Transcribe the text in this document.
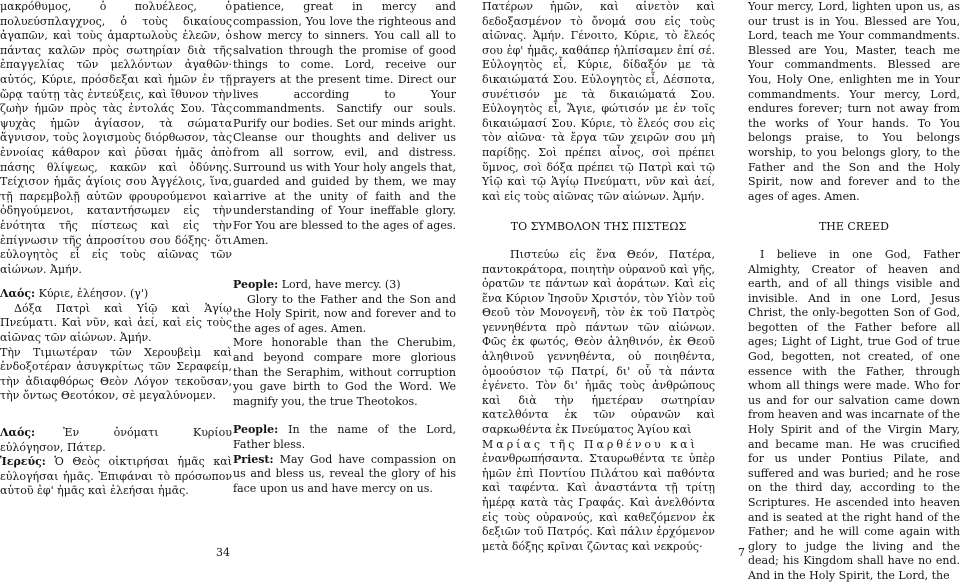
μακρόθυμος, ὁ πολυέλεος, ὁ πολυεύσπλαγχνος, ὁ τοὺς δικαίους ἀγαπῶν, καὶ τοὺς ἁμαρτωλοὺς ἐλεῶν, ὁ πάντας καλῶν πρὸς σωτηρίαν διὰ τῆς ἐπαγγελίας τῶν μελλόντων ἀγαθῶν· αὐτός, Κύριε, πρόσδεξαι καὶ ἡμῶν ἐν τῇ ὥρᾳ ταύτῃ τὰς ἐντεύξεις, καὶ ἴθυνον τὴν ζωὴν ἡμῶν πρὸς τὰς ἐντολάς Σου. Τὰς ψυχὰς ἡμῶν ἁγίασον, τὰ σώματα ἅγνισον, τοὺς λογισμοὺς διόρθωσον, τὰς ἐννοίας κάθαρον καὶ ῥῦσαι ἡμᾶς ἀπὸ πάσης θλίψεως, κακῶν καὶ ὀδύνης. Τείχισον ἡμᾶς ἁγίοις σου Ἀγγέλοις, ἵνα, τῇ παρεμβολῇ αὐτῶν φρουρούμενοι καὶ ὁδηγούμενοι, καταντήσωμεν εἰς τὴν ἑνότητα τῆς πίστεως καὶ εἰς τὴν ἐπίγνωσιν τῆς ἀπροσίτου σου δόξης· ὅτι εὐλογητὸς εἶ εἰς τοὺς αἰῶνας τῶν αἰώνων. Ἀμήν.

Λαός: Κύριε, ἐλέησον. (γ')

Δόξα Πατρὶ καὶ Υἱῷ καὶ Ἁγίῳ Πνεύματι. Καὶ νῦν, καὶ ἀεί, καὶ εἰς τοὺς αἰῶνας τῶν αἰώνων. Ἀμήν.

Τὴν Τιμιωτέραν τῶν Χερουβεὶμ καὶ ἐνδοξοτέραν ἀσυγκρίτως τῶν Σεραφείμ, τὴν ἀδιαφθόρως Θεὸν Λόγον τεκοῦσαν, τὴν ὄντως Θεοτόκον, σὲ μεγαλύνομεν.

Λαός:	Ἐν ὀνόματι Κυρίου εὐλόγησον, Πάτερ.

Ἱερεύς: Ὁ Θεὸς οἰκτιρήσαι ἡμᾶς καὶ εὐλογήσαι ἡμᾶς. Ἐπιφάναι τὸ πρόσωπον αὐτοῦ ἐφ' ἡμᾶς καὶ ἐλεήσαι ἡμᾶς.

patience, great in mercy and compassion, You love the righteous and show mercy to sinners. You call all to salvation through the promise of good things to come. Lord, receive our prayers at the present time. Direct our lives according to Your commandments. Sanctify our souls. Purify our bodies. Set our minds aright. Cleanse our thoughts and deliver us from all sorrow, evil, and distress. Surround us with Your holy angels that, guarded and guided by them, we may arrive at the unity of faith and the understanding of Your ineffable glory. For You are blessed to the ages of ages. Amen.

People: Lord, have mercy. (3)

Glory to the Father and the Son and the Holy Spirit, now and forever and to the ages of ages. Amen.

More honorable than the Cherubim, and beyond compare more glorious than the Seraphim, without corruption you gave birth to God the Word. We magnify you, the true Theotokos.

People: In the name of the Lord, Father bless.

Priest: May God have compassion on us and bless us, reveal the glory of his face upon us and have mercy on us.

Πατέρων ἡμῶν, καὶ αἰνετὸν καὶ δεδοξασμένον τὸ ὄνομά σου εἰς τοὺς αἰῶνας. Ἀμήν. Γένοιτο, Κύριε, τὸ ἔλεός σου ἐφ' ἡμᾶς, καθάπερ ἠλπίσαμεν ἐπί σέ. Εὐλογητὸς εἶ, Κύριε, δίδαξόν με τὰ δικαιώματά Σου. Εὐλογητὸς εἶ, Δέσποτα, συνέτισόν με τὰ δικαιώματά Σου. Εὐλογητὸς εἶ, Ἅγιε, φώτισόν με ἐν τοῖς δικαιώμασί Σου. Κύριε, τὸ ἔλεός σου εἰς τὸν αἰῶνα· τὰ ἔργα τῶν χειρῶν σου μὴ παρίδῃς. Σοὶ πρέπει αἶνος, σοὶ πρέπει ὕμνος, σοὶ δόξα πρέπει τῷ Πατρὶ καὶ τῷ Υἱῷ καὶ τῷ Ἁγίῳ Πνεύματι, νῦν καὶ ἀεί, καὶ εἰς τοὺς αἰῶνας τῶν αἰώνων. Ἀμήν.

ΤΟ ΣΥΜΒΟΛΟΝ ΤΗΣ ΠΙΣΤΕΩΣ

Πιστεύω εἰς ἕνα Θεόν, Πατέρα, παντοκράτορα, ποιητὴν οὐρανοῦ καὶ γῆς, ὁρατῶν τε πάντων καὶ ἀοράτων. Καὶ εἰς ἕνα Κύριον Ἰησοῦν Χριστόν, τὸν Υἱὸν τοῦ Θεοῦ τὸν Μονογενῆ, τὸν ἐκ τοῦ Πατρὸς γεννηθέντα πρὸ πάντων τῶν αἰώνων. Φῶς ἐκ φωτός, Θεὸν ἀληθινόν, ἐκ Θεοῦ ἀληθινοῦ γεννηθέντα, οὐ ποιηθέντα, ὁμοούσιον τῷ Πατρί, δι' οὗ τὰ πάντα ἐγένετο. Τὸν δι' ἡμᾶς τοὺς ἀνθρώπους καὶ διὰ τὴν ἡμετέραν σωτηρίαν κατελθόντα ἐκ τῶν οὐρανῶν καὶ σαρκωθέντα ἐκ Πνεύματος Ἁγίου καὶ

Μαρίας τῆς Παρθένου καὶ

ἐνανθρωπήσαντα. Σταυρωθέντα τε ὑπὲρ ἡμῶν ἐπὶ Ποντίου Πιλάτου καὶ παθόντα καὶ ταφέντα. Καὶ ἀναστάντα τῇ τρίτῃ ἡμέρᾳ κατὰ τὰς Γραφάς. Καὶ ἀνελθόντα εἰς τοὺς οὐρανούς, καὶ καθεζόμενον ἐκ δεξιῶν τοῦ Πατρός. Καὶ πάλιν ἐρχόμενον μετὰ δόξης κρῖναι ζῶντας καὶ νεκρούς·

Your mercy, Lord, lighten upon us, as our trust is in You. Blessed are You, Lord, teach me Your commandments. Blessed are You, Master, teach me Your commandments. Blessed are You, Holy One, enlighten me in Your commandments. Your mercy, Lord, endures forever; turn not away from the works of Your hands. To You belongs praise, to You belongs worship, to you belongs glory, to the Father and the Son and the Holy Spirit, now and forever and to the ages of ages. Amen.

THE CREED

I believe in one God, Father Almighty, Creator of heaven and earth, and of all things visible and invisible. And in one Lord, Jesus Christ, the only-begotten Son of God, begotten of the Father before all ages; Light of Light, true God of true God, begotten, not created, of one essence with the Father, through whom all things were made. Who for us and for our salvation came down from heaven and was incarnate of the Holy Spirit and of the Virgin Mary, and became man. He was crucified for us under Pontius Pilate, and suffered and was buried; and he rose on the third day, according to the Scriptures. He ascended into heaven and is seated at the right hand of the Father; and he will come again with glory to judge the living and the dead; his Kingdom shall have no end. And in the Holy Spirit, the Lord, the

34	7
